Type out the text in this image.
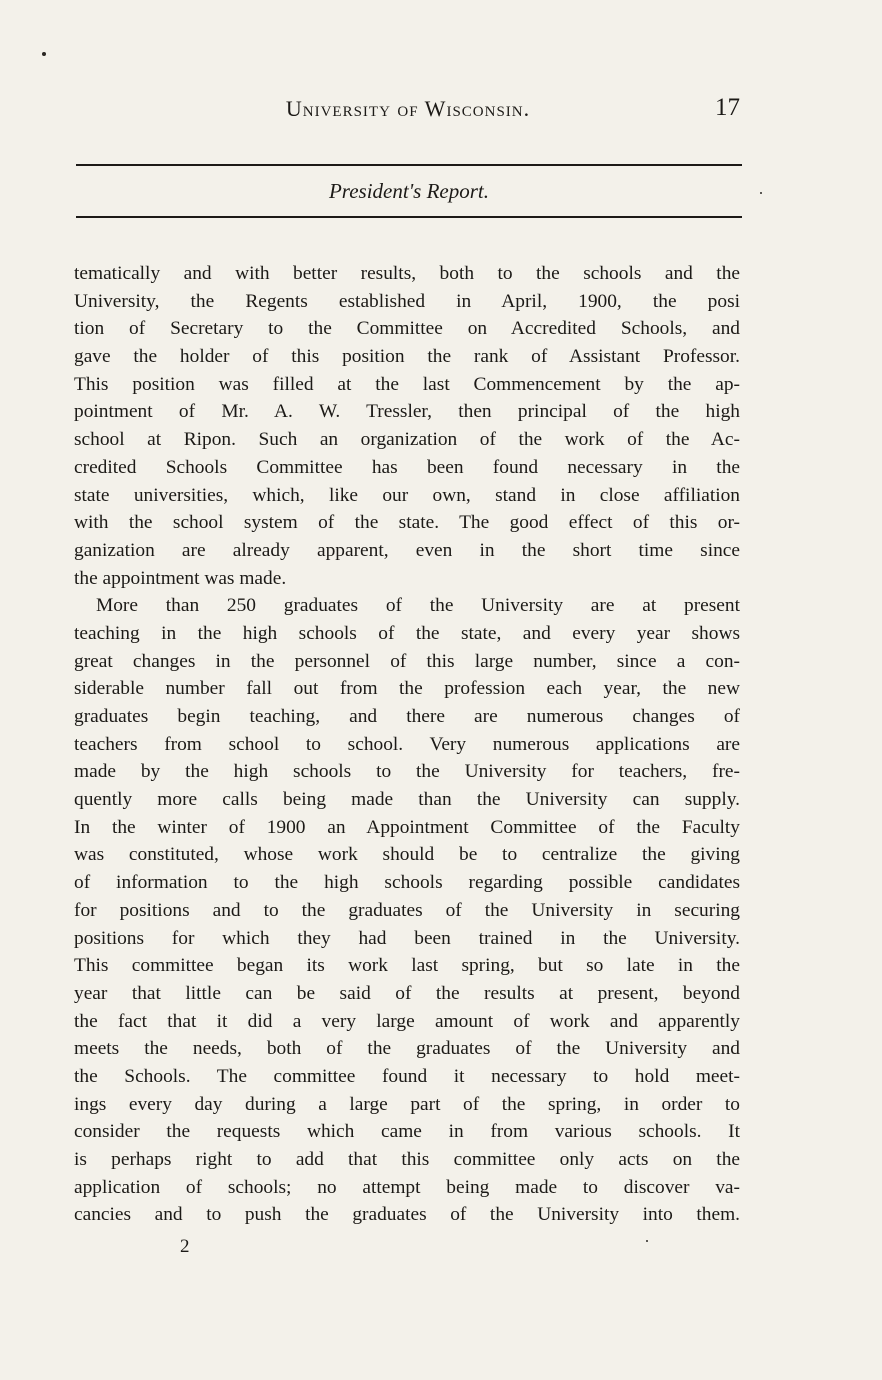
University of Wisconsin.	17
President's Report.
tematically and with better results, both to the schools and the
University, the Regents established in April, 1900, the posi
tion of Secretary to the Committee on Accredited Schools, and
gave the holder of this position the rank of Assistant Professor.
This position was filled at the last Commencement by the ap-
pointment of Mr. A. W. Tressler, then principal of the high
school at Ripon. Such an organization of the work of the Ac-
credited Schools Committee has been found necessary in the
state universities, which, like our own, stand in close affiliation
with the school system of the state. The good effect of this or-
ganization are already apparent, even in the short time since
the appointment was made.
More than 250 graduates of the University are at present
teaching in the high schools of the state, and every year shows
great changes in the personnel of this large number, since a con-
siderable number fall out from the profession each year, the new
graduates begin teaching, and there are numerous changes of
teachers from school to school. Very numerous applications are
made by the high schools to the University for teachers, fre-
quently more calls being made than the University can supply.
In the winter of 1900 an Appointment Committee of the Faculty
was constituted, whose work should be to centralize the giving
of information to the high schools regarding possible candidates
for positions and to the graduates of the University in securing
positions for which they had been trained in the University.
This committee began its work last spring, but so late in the
year that little can be said of the results at present, beyond
the fact that it did a very large amount of work and apparently
meets the needs, both of the graduates of the University and
the Schools. The committee found it necessary to hold meet-
ings every day during a large part of the spring, in order to
consider the requests which came in from various schools. It
is perhaps right to add that this committee only acts on the
application of schools; no attempt being made to discover va-
cancies and to push the graduates of the University into them.
2
